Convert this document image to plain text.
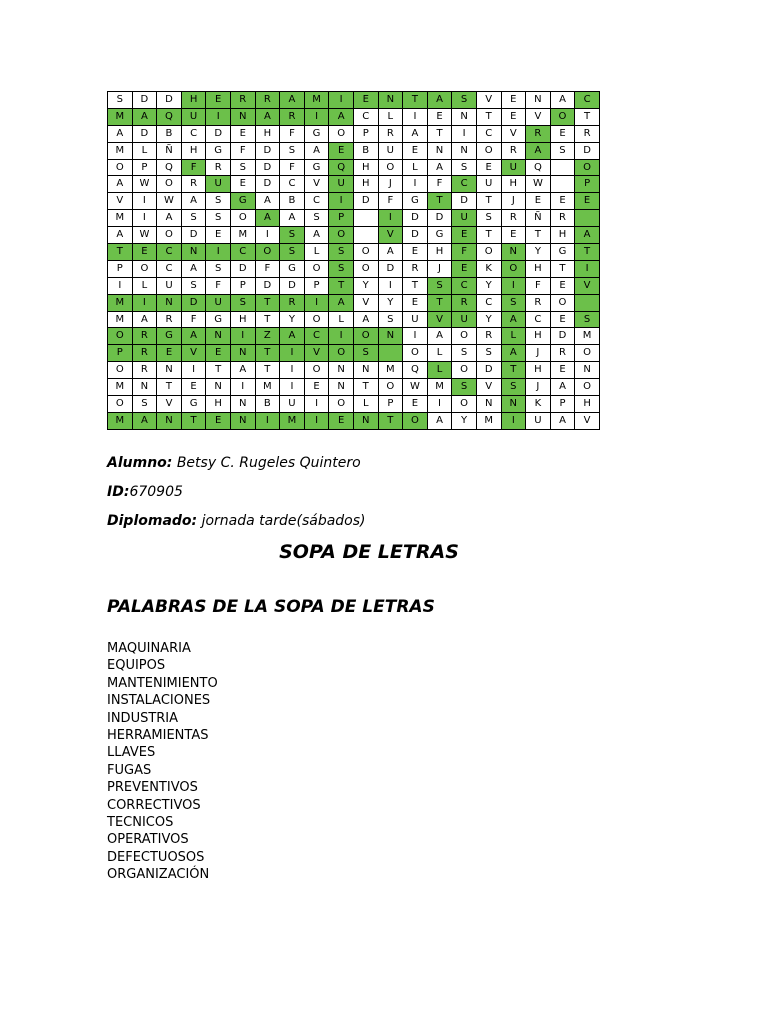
S	D	D	H	E	R	R	A	M	I	E	N	T	A	S	V	E	N	A	C
M	A	Q	U	I	N	A	R	I	A	C	L	I	E	N	T	E	V	O	T
A	D	B	C	D	E	H	F	G	O	P	R	A	T	I	C	V	R	E	R
M	L	Ñ	H	G	F	D	S	A	E	B	U	E	N	N	O	R	A	S	D
O	P	Q	F	R	S	D	F	G	Q	H	O	L	A	S	E	U	Q		O
A	W	O	R	U	E	D	C	V	U	H	J	I	F	C	U	H	W		P
V	I	W	A	S	G	A	B	C	I	D	F	G	T	D	T	J	E	E	E
M	I	A	S	S	O	A	A	S	P		I	D	D	U	S	R	Ñ	R	
A	W	O	D	E	M	I	S	A	O		V	D	G	E	T	E	T	H	A
T	E	C	N	I	C	O	S	L	S	O	A	E	H	F	O	N	Y	G	T
P	O	C	A	S	D	F	G	O	S	O	D	R	J	E	K	O	H	T	I
I	L	U	S	F	P	D	D	P	T	Y	I	T	S	C	Y	I	F	E	V
M	I	N	D	U	S	T	R	I	A	V	Y	E	T	R	C	S	R	O	
M	A	R	F	G	H	T	Y	O	L	A	S	U	V	U	Y	A	C	E	S
O	R	G	A	N	I	Z	A	C	I	O	N	I	A	O	R	L	H	D	M
P	R	E	V	E	N	T	I	V	O	S		O	L	S	S	A	J	R	O
O	R	N	I	T	A	T	I	O	N	N	M	Q	L	O	D	T	H	E	N
M	N	T	E	N	I	M	I	E	N	T	O	W	M	S	V	S	J	A	O
O	S	V	G	H	N	B	U	I	O	L	P	E	I	O	N	N	K	P	H
M	A	N	T	E	N	I	M	I	E	N	T	O	A	Y	M	I	U	A	V
Alumno: Betsy C. Rugeles Quintero
ID:670905
Diplomado: jornada tarde(sábados)
SOPA DE LETRAS
PALABRAS DE LA SOPA DE LETRAS
MAQUINARIA
EQUIPOS
MANTENIMIENTO
INSTALACIONES
INDUSTRIA
HERRAMIENTAS
LLAVES
FUGAS
PREVENTIVOS
CORRECTIVOS
TECNICOS
OPERATIVOS
DEFECTUOSOS
ORGANIZACIÓN
